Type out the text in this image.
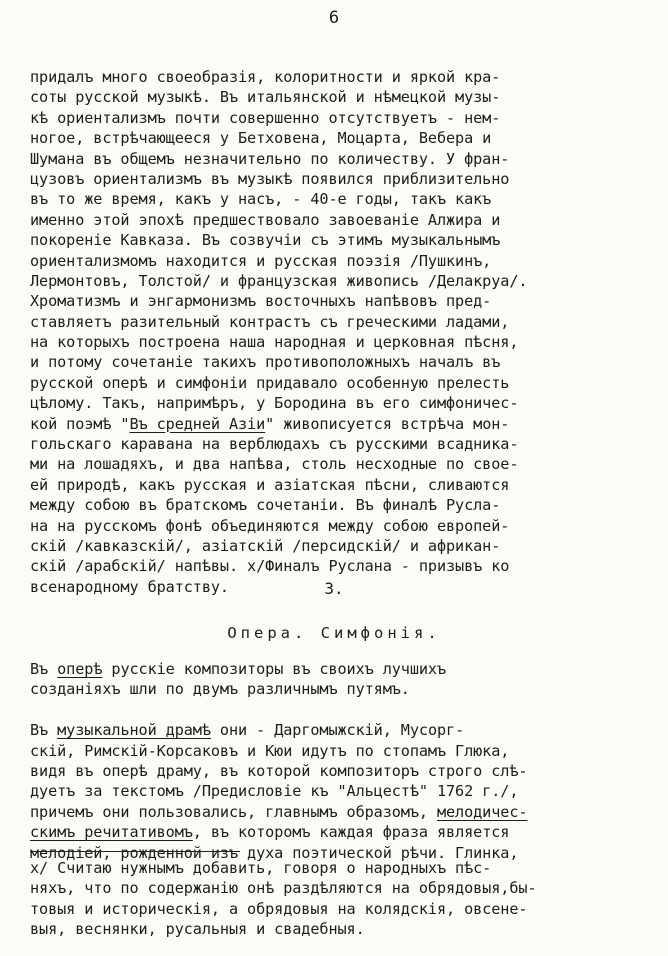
6
придалъ много своеобразія, колоритности и яркой кра-
соты русской музыкѣ. Въ итальянской и нѣмецкой музы-
кѣ ориентализмъ почти совершенно отсутствуетъ - нем-
ногое, встрѣчающееся у Бетховена, Моцарта, Вебера и
Шумана въ общемъ незначительно по количеству. У фран-
цузовъ ориентализмъ въ музыкѣ появился приблизительно
въ то же время, какъ у насъ, - 40-е годы, такъ какъ
именно этой эпохѣ предшествовало завоеваніе Алжира и
покореніе Кавказа. Въ созвучіи съ этимъ музыкальнымъ
ориентализмомъ находится и русская поэзія /Пушкинъ,
Лермонтовъ, Толстой/ и французская живопись /Делакруа/.
Хроматизмъ и энгармонизмъ восточныхъ напѣвовъ пред-
ставляетъ разительный контрастъ съ греческими ладами,
на которыхъ построена наша народная и церковная пѣсня,
и потому сочетаніе такихъ противоположныхъ началъ въ
русской оперѣ и симфоніи придавало особенную прелесть
цѣлому. Такъ, напримѣръ, у Бородина въ его симфоничес-
кой поэмѣ "Въ средней Азіи" живописуется встрѣча мон-
гольскаго каравана на верблюдахъ съ русскими всадника-
ми на лошадяхъ, и два напѣва, столь несходные по свое-
ей природѣ, какъ русская и азіатская пѣсни, сливаются
между собою въ братскомъ сочетаніи. Въ финалѣ Русла-
на на русскомъ фонѣ объединяются между собою европей-
скій /кавказскій/, азіатскій /персидскій/ и африкан-
скій /арабскій/ напѣвы. x/Финалъ Руслана - призывъ ко
всенародному братству.	3.
Опера. Симфонія.
Въ оперѣ русскіе композиторы въ своихъ лучшихъ
созданіяхъ шли по двумъ различнымъ путямъ.
Въ музыкальной драмѣ они - Даргомыжскій, Мусорг-
скій, Римскій-Корсаковъ и Кюи идутъ по стопамъ Глюка,
видя въ оперѣ драму, въ которой композиторъ строго слѣ-
дуетъ за текстомъ /Предисловіе къ "Альцестѣ" 1762 г./,
причемъ они пользовались, главнымъ образомъ, мелодичес-
скимъ речитативомъ, въ которомъ каждая фраза является
мелодіей, рожденной изъ духа поэтической рѣчи. Глинка,
x/ Считаю нужнымъ добавить, говоря о народныхъ пѣс-
няхъ, что по содержанію онѣ раздѣляются на обрядовыя,бы-
товыя и историческія, а обрядовыя на колядскія, овсене-
выя, веснянки, русальныя и свадебныя.
